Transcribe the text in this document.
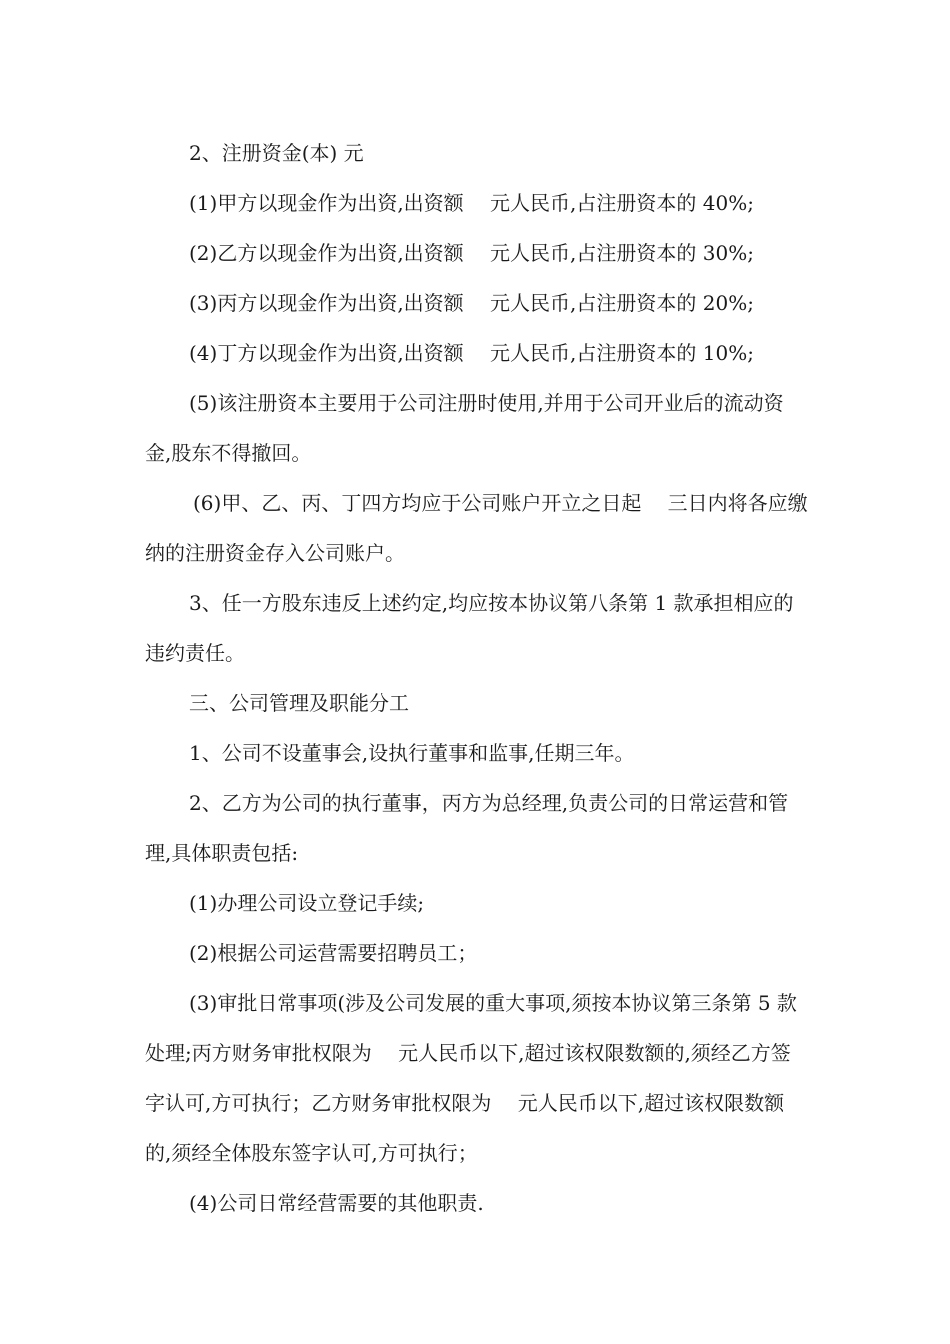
2、注册资金(本) 元

(1)甲方以现金作为出资,出资额　 元人民币,占注册资本的 40%;

(2)乙方以现金作为出资,出资额　 元人民币,占注册资本的 30%;

(3)丙方以现金作为出资,出资额　 元人民币,占注册资本的 20%;

(4)丁方以现金作为出资,出资额　 元人民币,占注册资本的 10%;

(5)该注册资本主要用于公司注册时使用,并用于公司开业后的流动资金,股东不得撤回。

(6)甲、乙、丙、丁四方均应于公司账户开立之日起　 三日内将各应缴纳的注册资金存入公司账户。

3、任一方股东违反上述约定,均应按本协议第八条第 1 款承担相应的违约责任。

三、公司管理及职能分工

1、公司不设董事会,设执行董事和监事,任期三年。

2、乙方为公司的执行董事，丙方为总经理,负责公司的日常运营和管理,具体职责包括:

(1)办理公司设立登记手续;

(2)根据公司运营需要招聘员工；

(3)审批日常事项(涉及公司发展的重大事项,须按本协议第三条第 5 款处理;丙方财务审批权限为　 元人民币以下,超过该权限数额的,须经乙方签字认可,方可执行；乙方财务审批权限为　 元人民币以下,超过该权限数额的,须经全体股东签字认可,方可执行；

(4)公司日常经营需要的其他职责.
